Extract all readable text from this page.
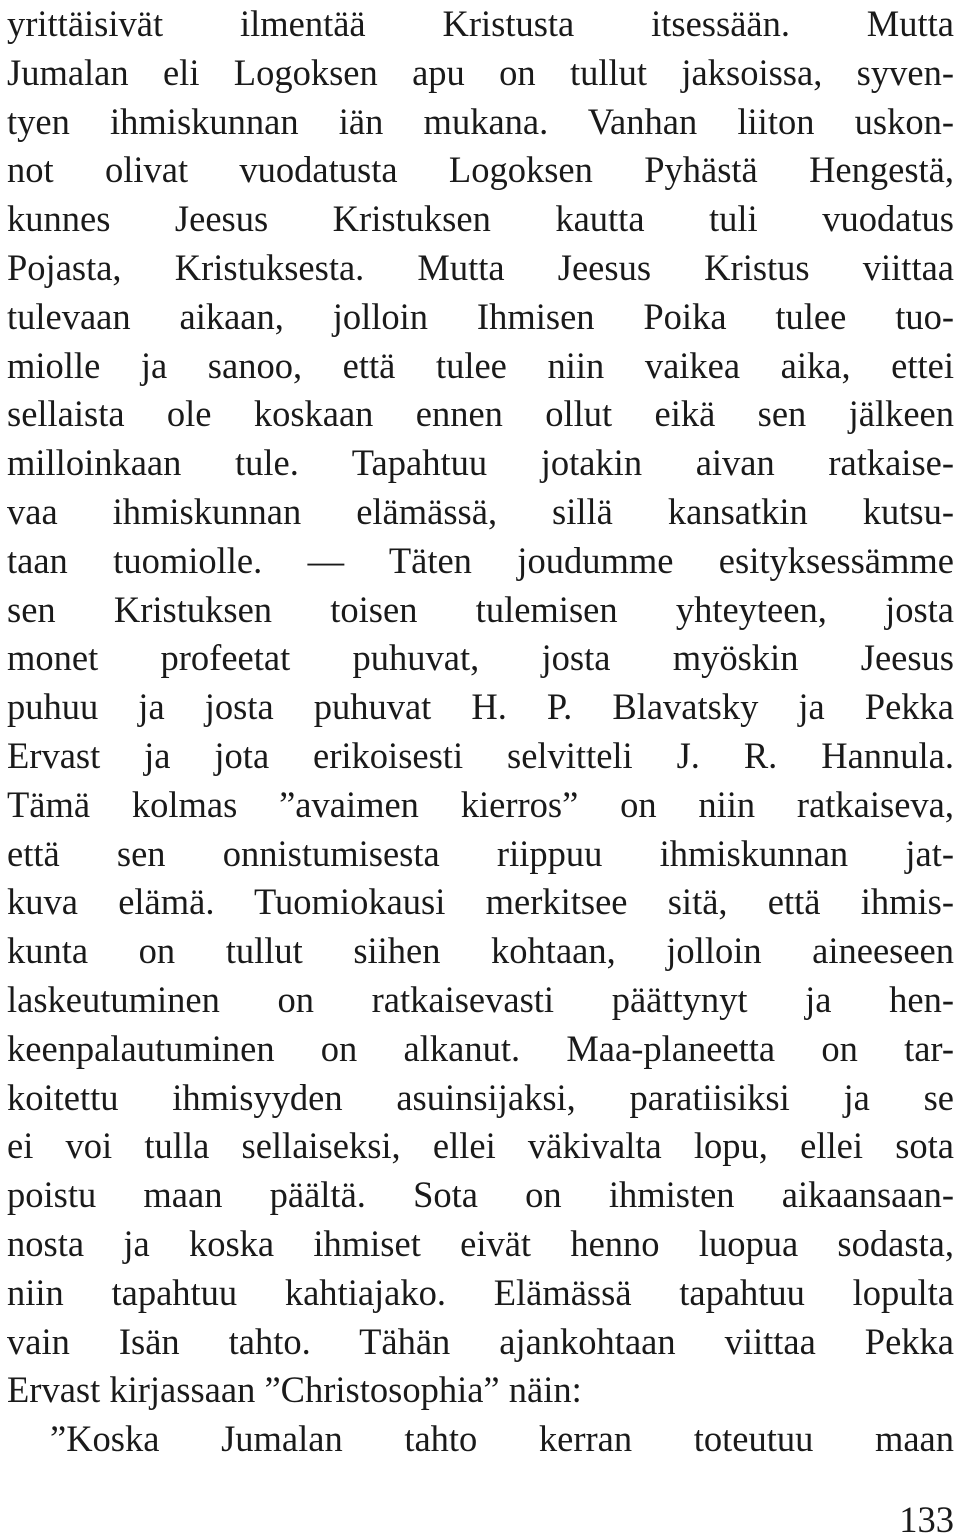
yrittäisivät ilmentää Kristusta itsessään. Mutta
Jumalan eli Logoksen apu on tullut jaksoissa, syven-
tyen ihmiskunnan iän mukana. Vanhan liiton uskon-
not olivat vuodatusta Logoksen Pyhästä Hengestä,
kunnes Jeesus Kristuksen kautta tuli vuodatus
Pojasta, Kristuksesta. Mutta Jeesus Kristus viittaa
tulevaan aikaan, jolloin Ihmisen Poika tulee tuo-
miolle ja sanoo, että tulee niin vaikea aika, ettei
sellaista ole koskaan ennen ollut eikä sen jälkeen
milloinkaan tule. Tapahtuu jotakin aivan ratkaise-
vaa ihmiskunnan elämässä, sillä kansatkin kutsu-
taan tuomiolle. — Täten joudumme esityksessämme
sen Kristuksen toisen tulemisen yhteyteen, josta
monet profeetat puhuvat, josta myöskin Jeesus
puhuu ja josta puhuvat H. P. Blavatsky ja Pekka
Ervast ja jota erikoisesti selvitteli J. R. Hannula.
Tämä kolmas ”avaimen kierros” on niin ratkaiseva,
että sen onnistumisesta riippuu ihmiskunnan jat-
kuva elämä. Tuomiokausi merkitsee sitä, että ihmis-
kunta on tullut siihen kohtaan, jolloin aineeseen
laskeutuminen on ratkaisevasti päättynyt ja hen-
keenpalautuminen on alkanut. Maa-planeetta on tar-
koitettu ihmisyyden asuinsijaksi, paratiisiksi ja se
ei voi tulla sellaiseksi, ellei väkivalta lopu, ellei sota
poistu maan päältä. Sota on ihmisten aikaansaan-
nosta ja koska ihmiset eivät henno luopua sodasta,
niin tapahtuu kahtiajako. Elämässä tapahtuu lopulta
vain Isän tahto. Tähän ajankohtaan viittaa Pekka
Ervast kirjassaan ”Christosophia” näin:
”Koska Jumalan tahto kerran toteutuu maan
133
